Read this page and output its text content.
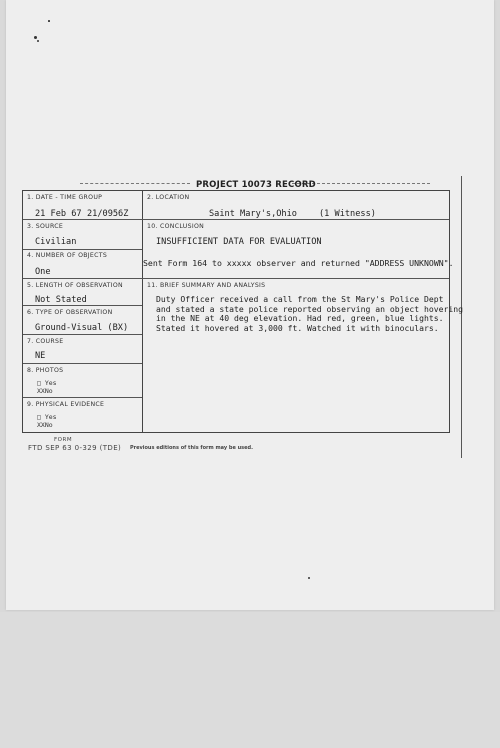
PROJECT 10073 RECORD
1. DATE - TIME GROUP
21 Feb 67 21/0956Z
2. LOCATION
Saint Mary's,Ohio	(1 Witness)
3. SOURCE
Civilian
10. CONCLUSION
INSUFFICIENT DATA FOR EVALUATION
Sent Form 164 to xxxxx observer and returned "ADDRESS UNKNOWN".
4. NUMBER OF OBJECTS
One
5. LENGTH OF OBSERVATION
Not Stated
11. BRIEF SUMMARY AND ANALYSIS
Duty Officer received a call from the St Mary's Police Dept
and stated a state police reported observing an object hovering
in the NE at 40 deg elevation. Had red, green, blue lights.
Stated it hovered at 3,000 ft. Watched it with binoculars.
6. TYPE OF OBSERVATION
Ground-Visual (BX)
7. COURSE
NE
8. PHOTOS
□ Yes
XXNo
9. PHYSICAL EVIDENCE
□ Yes
XXNo
FORM
FTD SEP 63 0-329 (TDE) Previous editions of this form may be used.
